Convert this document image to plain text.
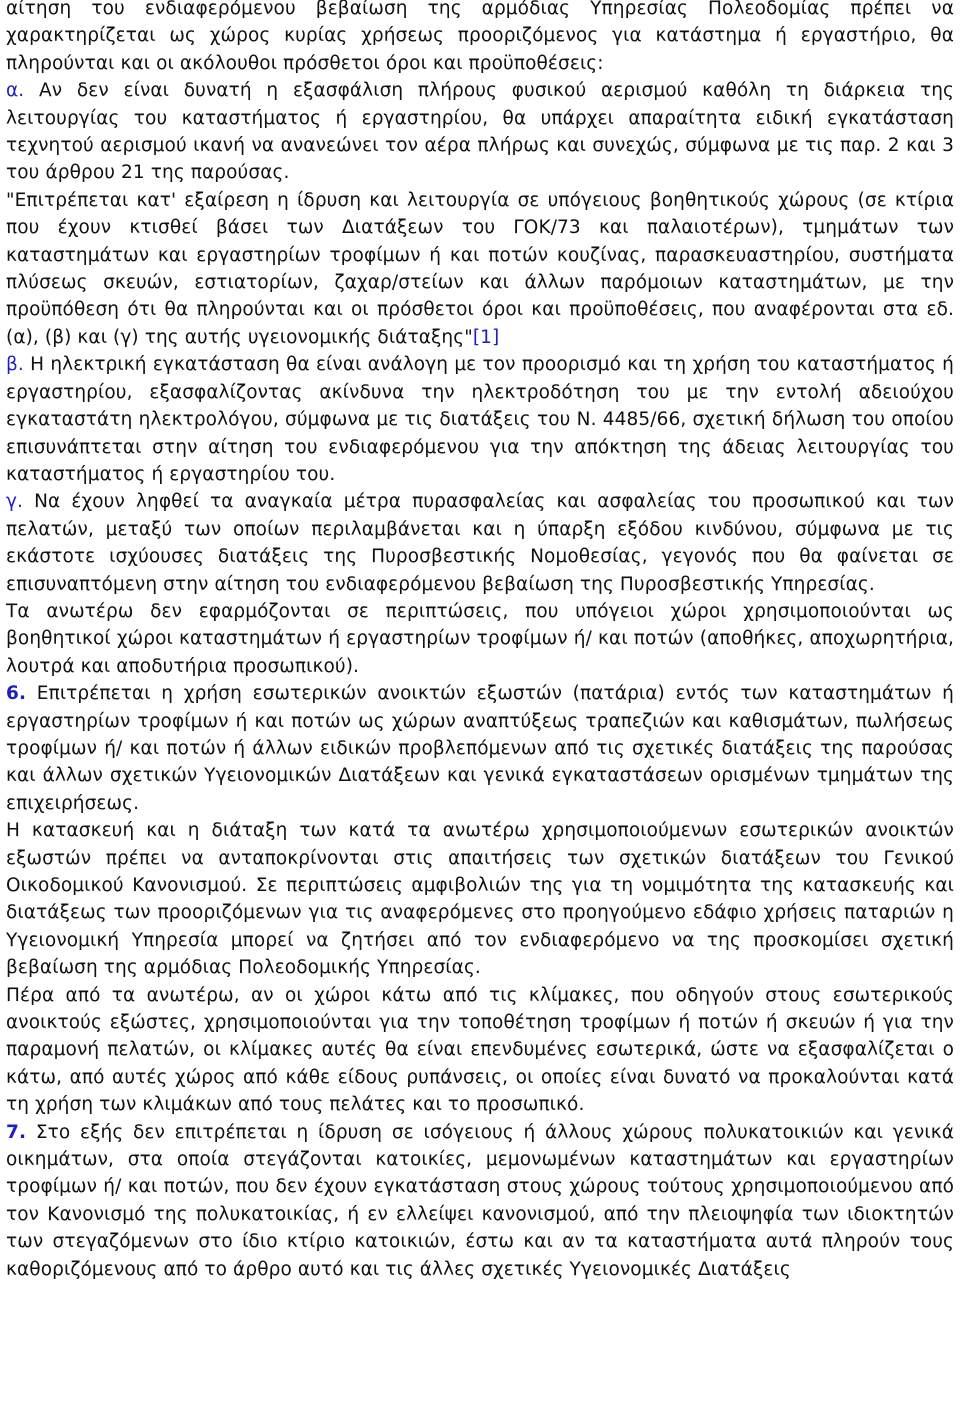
αίτηση του ενδιαφερόμενου βεβαίωση της αρμόδιας Υπηρεσίας Πολεοδομίας πρέπει να χαρακτηρίζεται ως χώρος κυρίας χρήσεως προοριζόμενος για κατάστημα ή εργαστήριο, θα πληρούνται και οι ακόλουθοι πρόσθετοι όροι και προϋποθέσεις:

α. Αν δεν είναι δυνατή η εξασφάλιση πλήρους φυσικού αερισμού καθόλη τη διάρκεια της λειτουργίας του καταστήματος ή εργαστηρίου, θα υπάρχει απαραίτητα ειδική εγκατάσταση τεχνητού αερισμού ικανή να ανανεώνει τον αέρα πλήρως και συνεχώς, σύμφωνα με τις παρ. 2 και 3 του άρθρου 21 της παρούσας.

"Επιτρέπεται κατ' εξαίρεση η ίδρυση και λειτουργία σε υπόγειους βοηθητικούς χώρους (σε κτίρια που έχουν κτισθεί βάσει των Διατάξεων του ΓΟΚ/73 και παλαιοτέρων), τμημάτων των καταστημάτων και εργαστηρίων τροφίμων ή και ποτών κουζίνας, παρασκευαστηρίου, συστήματα πλύσεως σκευών, εστιατορίων, ζαχαρ/στείων και άλλων παρόμοιων καταστημάτων, με την προϋπόθεση ότι θα πληρούνται και οι πρόσθετοι όροι και προϋποθέσεις, που αναφέρονται στα εδ. (α), (β) και (γ) της αυτής υγειονομικής διάταξης"[1]

β. Η ηλεκτρική εγκατάσταση θα είναι ανάλογη με τον προορισμό και τη χρήση του καταστήματος ή εργαστηρίου, εξασφαλίζοντας ακίνδυνα την ηλεκτροδότηση του με την εντολή αδειούχου εγκαταστάτη ηλεκτρολόγου, σύμφωνα με τις διατάξεις του Ν. 4485/66, σχετική δήλωση του οποίου επισυνάπτεται στην αίτηση του ενδιαφερόμενου για την απόκτηση της άδειας λειτουργίας του καταστήματος ή εργαστηρίου του.

γ. Να έχουν ληφθεί τα αναγκαία μέτρα πυρασφαλείας και ασφαλείας του προσωπικού και των πελατών, μεταξύ των οποίων περιλαμβάνεται και η ύπαρξη εξόδου κινδύνου, σύμφωνα με τις εκάστοτε ισχύουσες διατάξεις της Πυροσβεστικής Νομοθεσίας, γεγονός που θα φαίνεται σε επισυναπτόμενη στην αίτηση του ενδιαφερόμενου βεβαίωση της Πυροσβεστικής Υπηρεσίας.

Τα ανωτέρω δεν εφαρμόζονται σε περιπτώσεις, που υπόγειοι χώροι χρησιμοποιούνται ως βοηθητικοί χώροι καταστημάτων ή εργαστηρίων τροφίμων ή/ και ποτών (αποθήκες, αποχωρητήρια, λουτρά και αποδυτήρια προσωπικού).

6. Επιτρέπεται η χρήση εσωτερικών ανοικτών εξωστών (πατάρια) εντός των καταστημάτων ή εργαστηρίων τροφίμων ή και ποτών ως χώρων αναπτύξεως τραπεζιών και καθισμάτων, πωλήσεως τροφίμων ή/ και ποτών ή άλλων ειδικών προβλεπόμενων από τις σχετικές διατάξεις της παρούσας και άλλων σχετικών Υγειονομικών Διατάξεων και γενικά εγκαταστάσεων ορισμένων τμημάτων της επιχειρήσεως.

Η κατασκευή και η διάταξη των κατά τα ανωτέρω χρησιμοποιούμενων εσωτερικών ανοικτών εξωστών πρέπει να ανταποκρίνονται στις απαιτήσεις των σχετικών διατάξεων του Γενικού Οικοδομικού Κανονισμού. Σε περιπτώσεις αμφιβολιών της για τη νομιμότητα της κατασκευής και διατάξεως των προοριζόμενων για τις αναφερόμενες στο προηγούμενο εδάφιο χρήσεις παταριών η Υγειονομική Υπηρεσία μπορεί να ζητήσει από τον ενδιαφερόμενο να της προσκομίσει σχετική βεβαίωση της αρμόδιας Πολεοδομικής Υπηρεσίας.

Πέρα από τα ανωτέρω, αν οι χώροι κάτω από τις κλίμακες, που οδηγούν στους εσωτερικούς ανοικτούς εξώστες, χρησιμοποιούνται για την τοποθέτηση τροφίμων ή ποτών ή σκευών ή για την παραμονή πελατών, οι κλίμακες αυτές θα είναι επενδυμένες εσωτερικά, ώστε να εξασφαλίζεται ο κάτω, από αυτές χώρος από κάθε είδους ρυπάνσεις, οι οποίες είναι δυνατό να προκαλούνται κατά τη χρήση των κλιμάκων από τους πελάτες και το προσωπικό.

7. Στο εξής δεν επιτρέπεται η ίδρυση σε ισόγειους ή άλλους χώρους πολυκατοικιών και γενικά οικημάτων, στα οποία στεγάζονται κατοικίες, μεμονωμένων καταστημάτων και εργαστηρίων τροφίμων ή/ και ποτών, που δεν έχουν εγκατάσταση στους χώρους τούτους χρησιμοποιούμενου από τον Κανονισμό της πολυκατοικίας, ή εν ελλείψει κανονισμού, από την πλειοψηφία των ιδιοκτητών των στεγαζόμενων στο ίδιο κτίριο κατοικιών, έστω και αν τα καταστήματα αυτά πληρούν τους καθοριζόμενους από το άρθρο αυτό και τις άλλες σχετικές Υγειονομικές Διατάξεις
